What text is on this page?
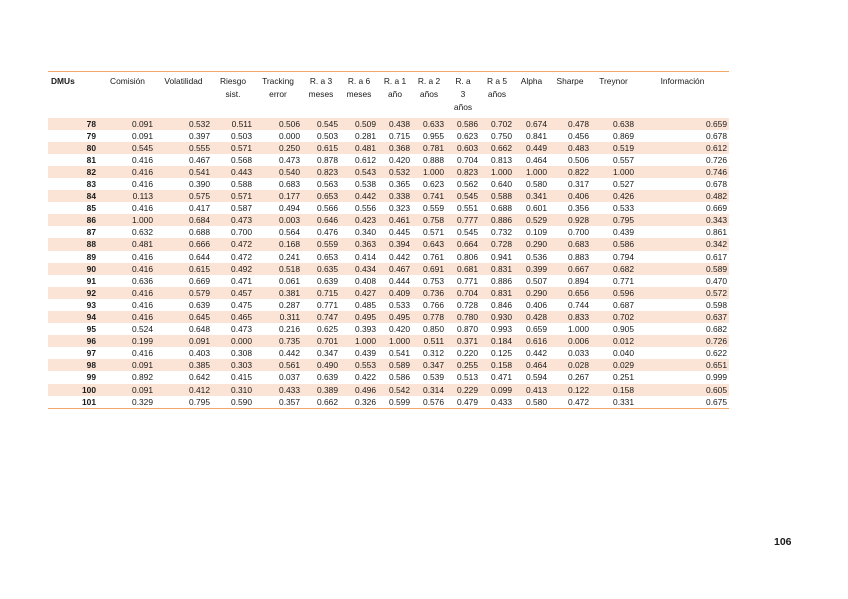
DMUs	Comisión	Volatilidad	Riesgo sist.	Tracking error	R. a 3 meses	R. a 6 meses	R. a 1 año	R. a 2 años	R. a 3 años	R a 5 años	Alpha	Sharpe	Treynor	Información
78	0.091	0.532	0.511	0.506	0.545	0.509	0.438	0.633	0.586	0.702	0.674	0.478	0.638	0.659
79	0.091	0.397	0.503	0.000	0.503	0.281	0.715	0.955	0.623	0.750	0.841	0.456	0.869	0.678
80	0.545	0.555	0.571	0.250	0.615	0.481	0.368	0.781	0.603	0.662	0.449	0.483	0.519	0.612
81	0.416	0.467	0.568	0.473	0.878	0.612	0.420	0.888	0.704	0.813	0.464	0.506	0.557	0.726
82	0.416	0.541	0.443	0.540	0.823	0.543	0.532	1.000	0.823	1.000	1.000	0.822	1.000	0.746
83	0.416	0.390	0.588	0.683	0.563	0.538	0.365	0.623	0.562	0.640	0.580	0.317	0.527	0.678
84	0.113	0.575	0.571	0.177	0.653	0.442	0.338	0.741	0.545	0.588	0.341	0.406	0.426	0.482
85	0.416	0.417	0.587	0.494	0.566	0.556	0.323	0.559	0.551	0.688	0.601	0.356	0.533	0.669
86	1.000	0.684	0.473	0.003	0.646	0.423	0.461	0.758	0.777	0.886	0.529	0.928	0.795	0.343
87	0.632	0.688	0.700	0.564	0.476	0.340	0.445	0.571	0.545	0.732	0.109	0.700	0.439	0.861
88	0.481	0.666	0.472	0.168	0.559	0.363	0.394	0.643	0.664	0.728	0.290	0.683	0.586	0.342
89	0.416	0.644	0.472	0.241	0.653	0.414	0.442	0.761	0.806	0.941	0.536	0.883	0.794	0.617
90	0.416	0.615	0.492	0.518	0.635	0.434	0.467	0.691	0.681	0.831	0.399	0.667	0.682	0.589
91	0.636	0.669	0.471	0.061	0.639	0.408	0.444	0.753	0.771	0.886	0.507	0.894	0.771	0.470
92	0.416	0.579	0.457	0.381	0.715	0.427	0.409	0.736	0.704	0.831	0.290	0.656	0.596	0.572
93	0.416	0.639	0.475	0.287	0.771	0.485	0.533	0.766	0.728	0.846	0.406	0.744	0.687	0.598
94	0.416	0.645	0.465	0.311	0.747	0.495	0.495	0.778	0.780	0.930	0.428	0.833	0.702	0.637
95	0.524	0.648	0.473	0.216	0.625	0.393	0.420	0.850	0.870	0.993	0.659	1.000	0.905	0.682
96	0.199	0.091	0.000	0.735	0.701	1.000	1.000	0.511	0.371	0.184	0.616	0.006	0.012	0.726
97	0.416	0.403	0.308	0.442	0.347	0.439	0.541	0.312	0.220	0.125	0.442	0.033	0.040	0.622
98	0.091	0.385	0.303	0.561	0.490	0.553	0.589	0.347	0.255	0.158	0.464	0.028	0.029	0.651
99	0.892	0.642	0.415	0.037	0.639	0.422	0.586	0.539	0.513	0.471	0.594	0.267	0.251	0.999
100	0.091	0.412	0.310	0.433	0.389	0.496	0.542	0.314	0.229	0.099	0.413	0.122	0.158	0.605
101	0.329	0.795	0.590	0.357	0.662	0.326	0.599	0.576	0.479	0.433	0.580	0.472	0.331	0.675
106
